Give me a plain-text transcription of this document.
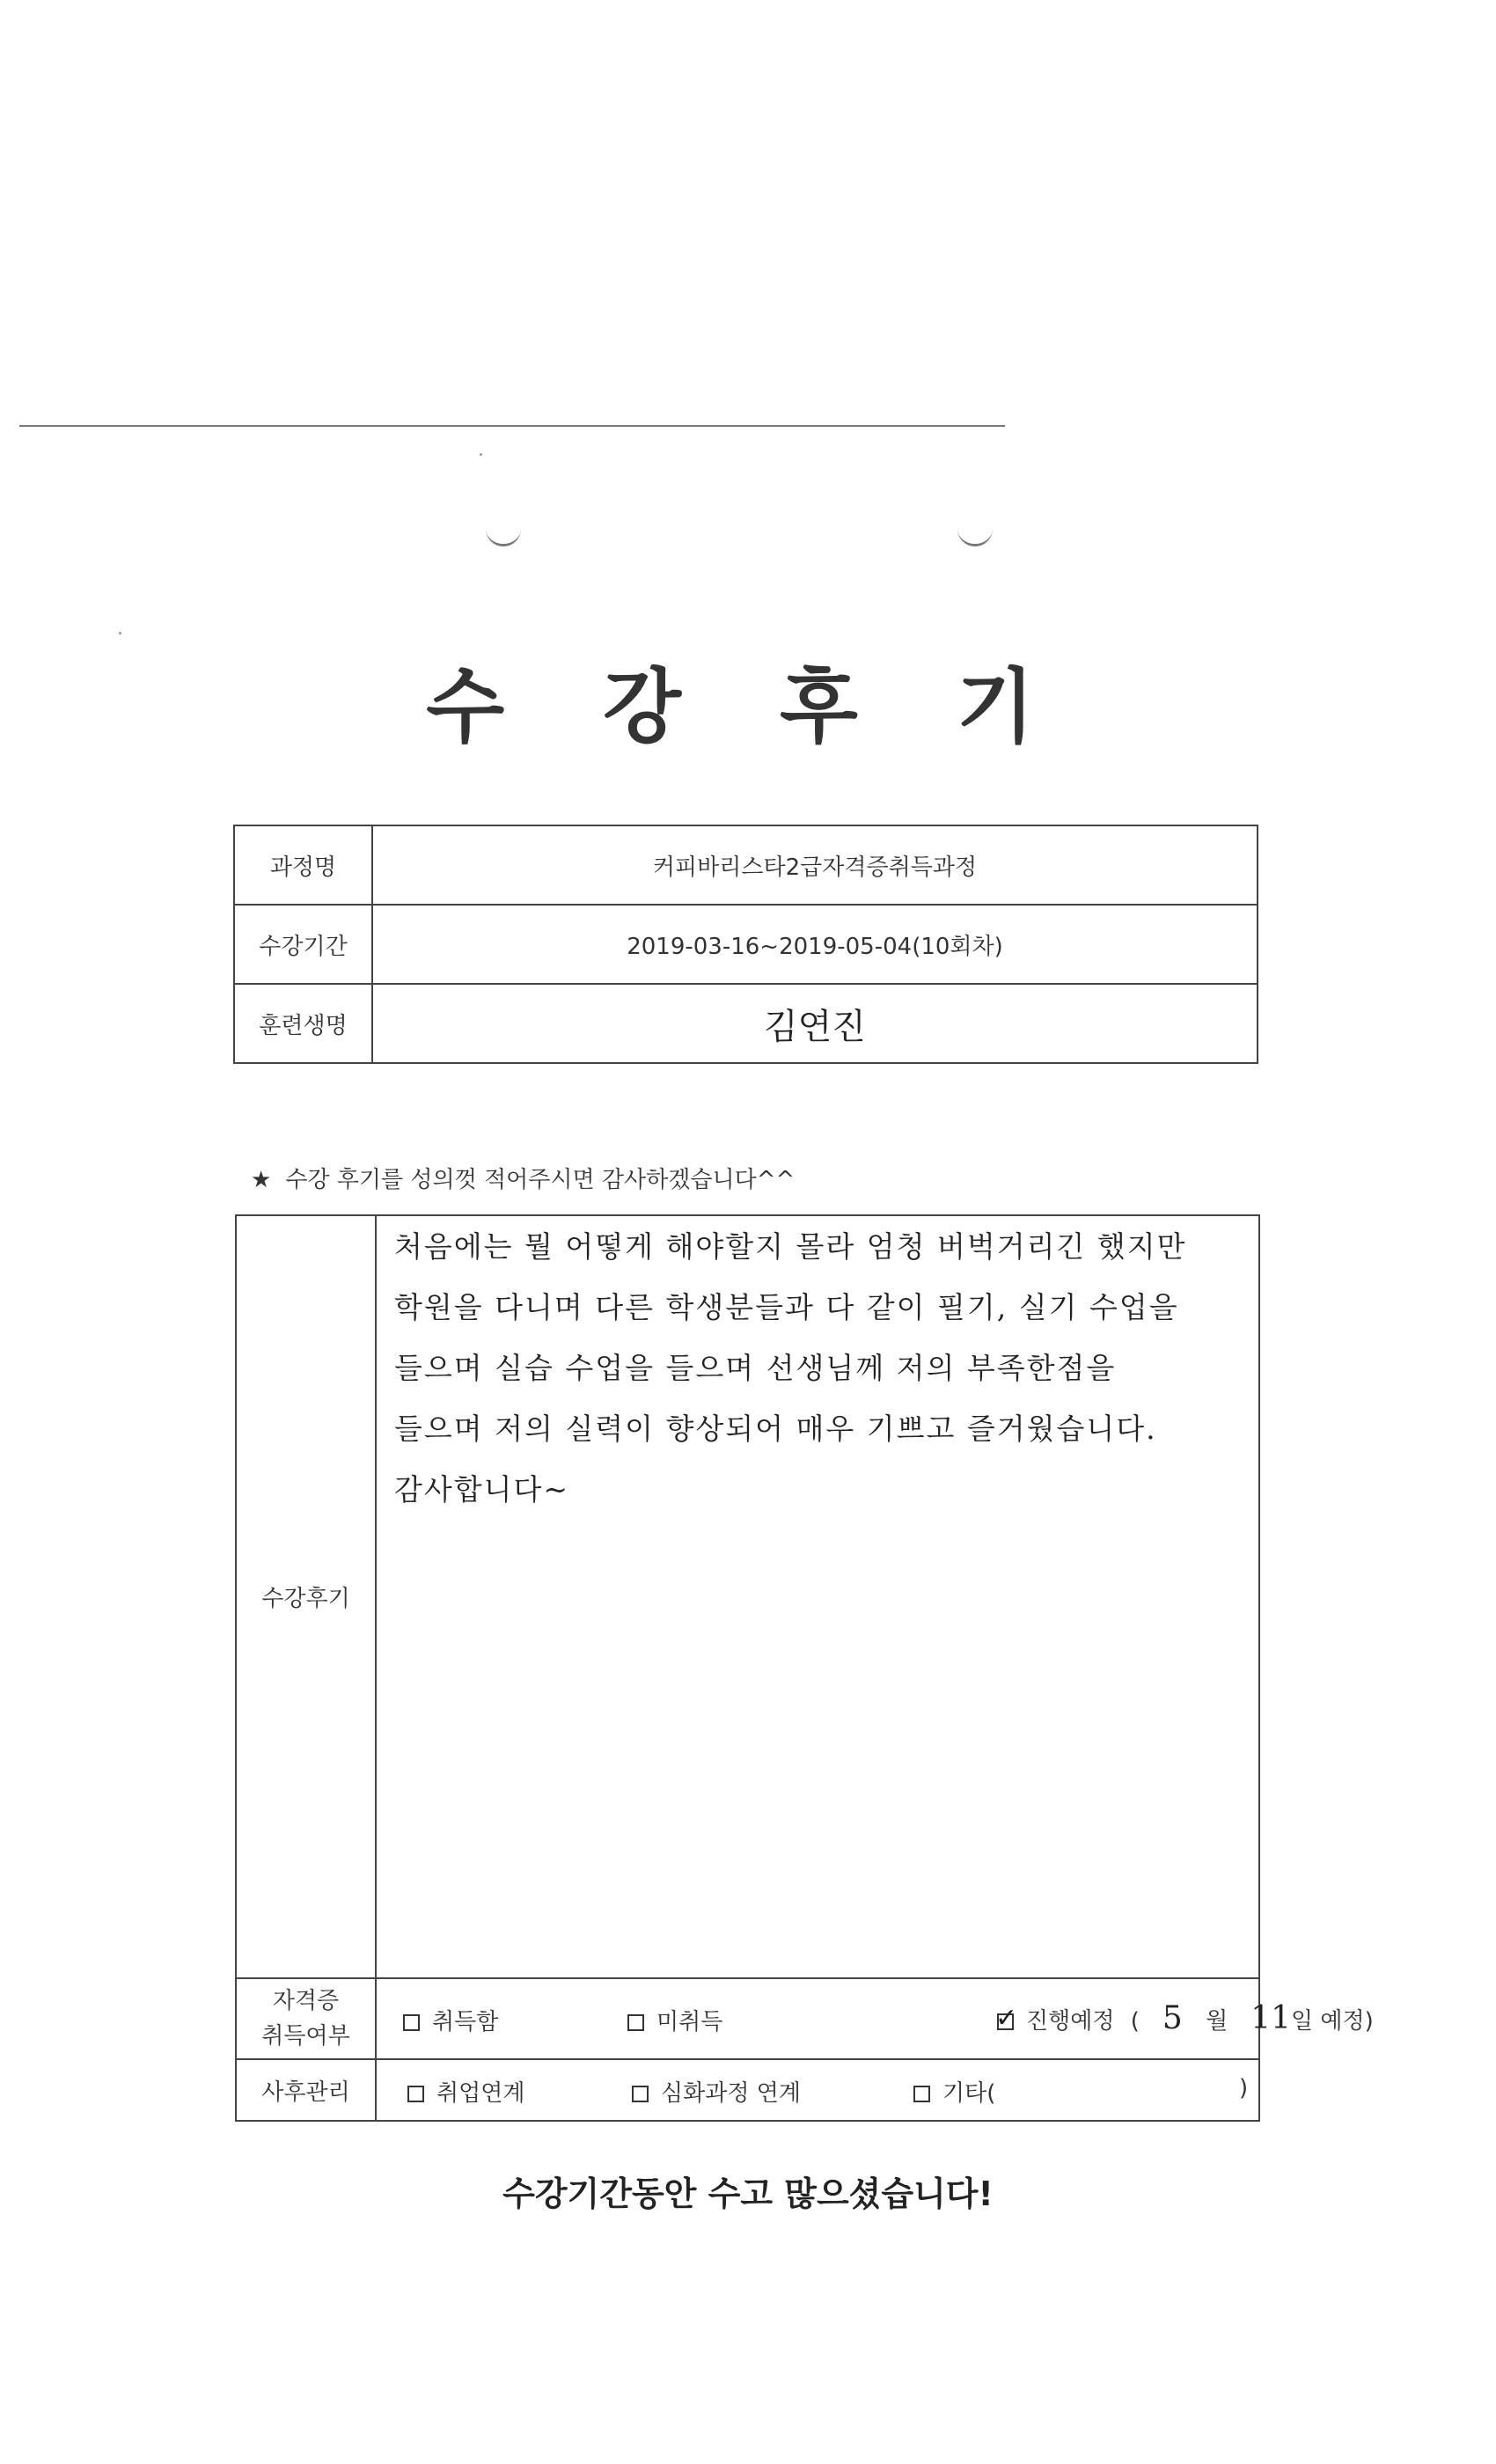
수 강 후 기
과정명	커피바리스타2급자격증취득과정
수강기간	2019-03-16~2019-05-04(10회차)
훈련생명	김연진
★ 수강 후기를 성의껏 적어주시면 감사하겠습니다^^
수강후기	처음에는 뭘 어떻게 해야할지 몰라 엄청 버벅거리긴 했지만
학원을 다니며 다른 학생분들과 다 같이 필기, 실기 수업을
들으며 실습 수업을 들으며 선생님께 저의 부족한점을
들으며 저의 실력이 향상되어 매우 기쁘고 즐거웠습니다.
감사합니다~

자격증
취득여부	취득함 미취득 ✓ 진행예정 ( 5 월 11일 예정)

사후관리	취업연계 심화과정 연계 기타( )
수강기간동안 수고 많으셨습니다!
